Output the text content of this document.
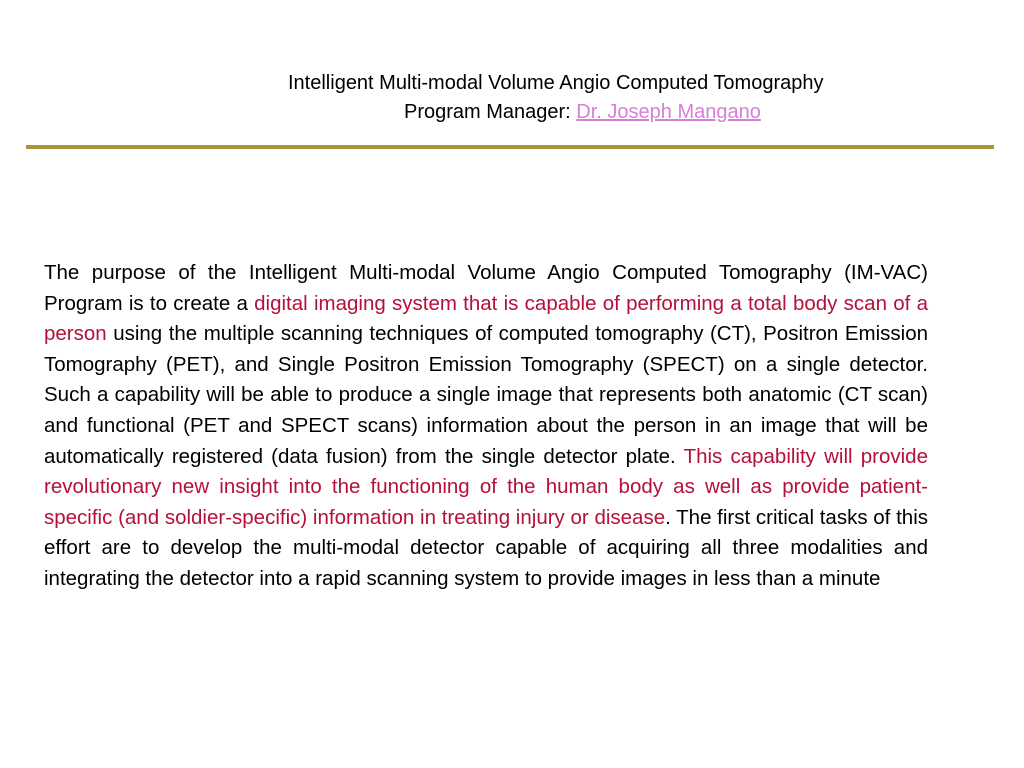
Intelligent Multi-modal Volume Angio Computed Tomography
Program Manager: Dr. Joseph Mangano
The purpose of the Intelligent Multi-modal Volume Angio Computed Tomography (IM-VAC) Program is to create a digital imaging system that is capable of performing a total body scan of a person using the multiple scanning techniques of computed tomography (CT), Positron Emission Tomography (PET), and Single Positron Emission Tomography (SPECT) on a single detector. Such a capability will be able to produce a single image that represents both anatomic (CT scan) and functional (PET and SPECT scans) information about the person in an image that will be automatically registered (data fusion) from the single detector plate. This capability will provide revolutionary new insight into the functioning of the human body as well as provide patient-specific (and soldier-specific) information in treating injury or disease. The first critical tasks of this effort are to develop the multi-modal detector capable of acquiring all three modalities and integrating the detector into a rapid scanning system to provide images in less than a minute
